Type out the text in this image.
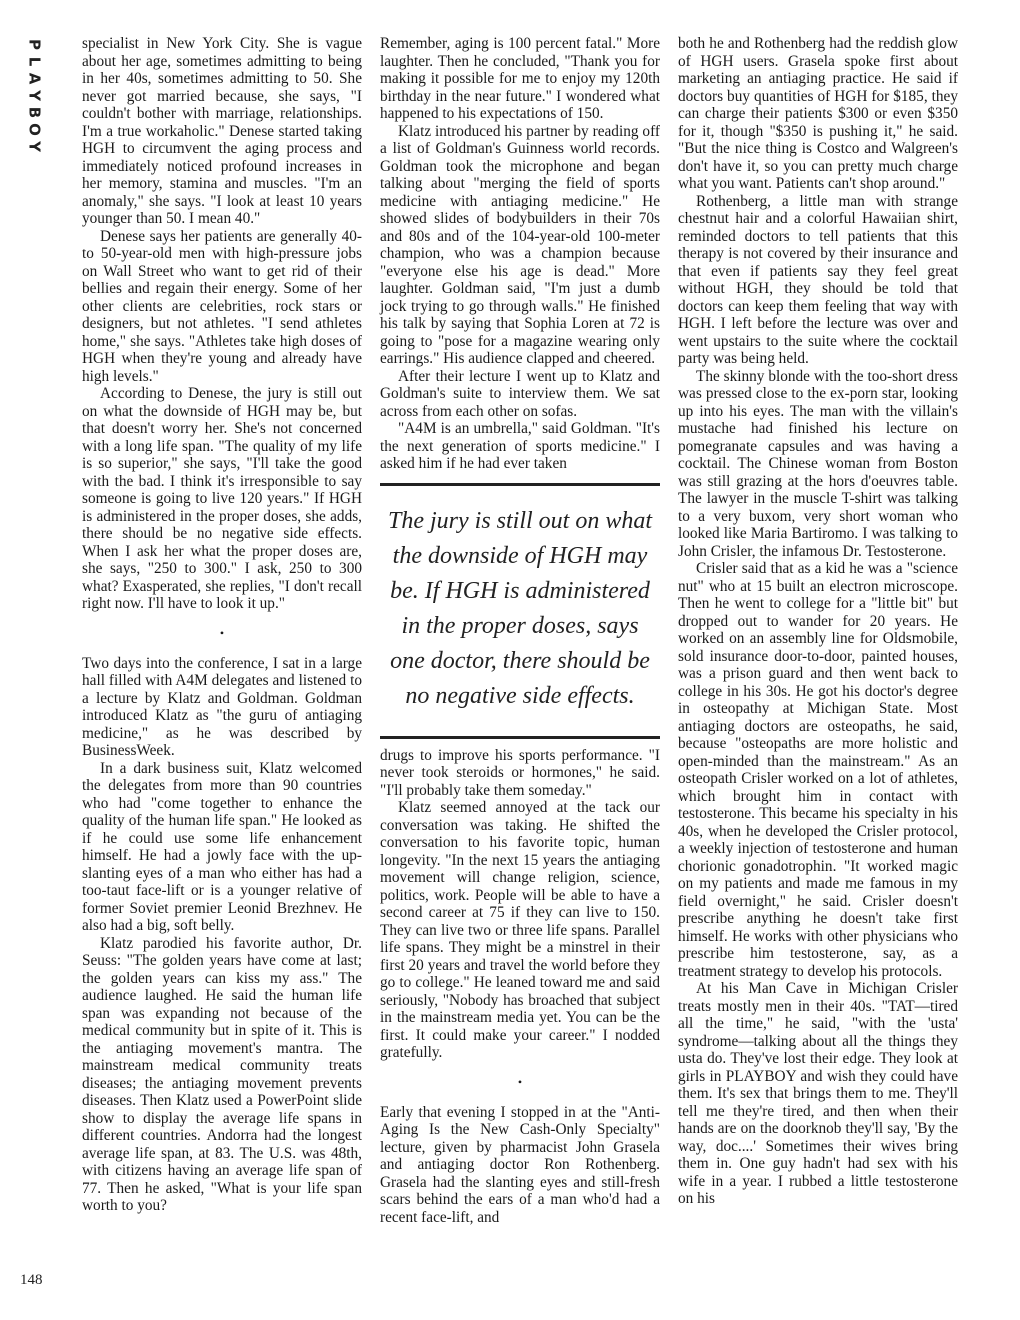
P
L
A
Y
B
O
Y
148

specialist in New York City. She is vague about her age, sometimes admitting to being in her 40s, sometimes admitting to 50. She never got married because, she says, "I couldn't bother with marriage, relationships. I'm a true workaholic." Denese started taking HGH to circumvent the aging process and immediately noticed profound increases in her memory, stamina and muscles. "I'm an anomaly," she says. "I look at least 10 years younger than 50. I mean 40."

Denese says her patients are generally 40- to 50-year-old men with high-pressure jobs on Wall Street who want to get rid of their bellies and regain their energy. Some of her other clients are celebrities, rock stars or designers, but not athletes. "I send athletes home," she says. "Athletes take high doses of HGH when they're young and already have high levels."

According to Denese, the jury is still out on what the downside of HGH may be, but that doesn't worry her. She's not concerned with a long life span. "The quality of my life is so superior," she says, "I'll take the good with the bad. I think it's irresponsible to say someone is going to live 120 years." If HGH is administered in the proper doses, she adds, there should be no negative side effects. When I ask her what the proper doses are, she says, "250 to 300." I ask, 250 to 300 what? Exasperated, she replies, "I don't recall right now. I'll have to look it up."

•

Two days into the conference, I sat in a large hall filled with A4M delegates and listened to a lecture by Klatz and Goldman. Goldman introduced Klatz as "the guru of antiaging medicine," as he was described by BusinessWeek.

In a dark business suit, Klatz welcomed the delegates from more than 90 countries who had "come together to enhance the quality of the human life span." He looked as if he could use some life enhancement himself. He had a jowly face with the up-slanting eyes of a man who either has had a too-taut face-lift or is a younger relative of former Soviet premier Leonid Brezhnev. He also had a big, soft belly.

Klatz parodied his favorite author, Dr. Seuss: "The golden years have come at last; the golden years can kiss my ass." The audience laughed. He said the human life span was expanding not because of the medical community but in spite of it. This is the antiaging movement's mantra. The mainstream medical community treats diseases; the antiaging movement prevents diseases. Then Klatz used a PowerPoint slide show to display the average life spans in different countries. Andorra had the longest average life span, at 83. The U.S. was 48th, with citizens having an average life span of 77. Then he asked, "What is your life span worth to you?

Remember, aging is 100 percent fatal." More laughter. Then he concluded, "Thank you for making it possible for me to enjoy my 120th birthday in the near future." I wondered what happened to his expectations of 150.

Klatz introduced his partner by reading off a list of Goldman's Guinness world records. Goldman took the microphone and began talking about "merging the field of sports medicine with antiaging medicine." He showed slides of bodybuilders in their 70s and 80s and of the 104-year-old 100-meter champion, who was a champion because "everyone else his age is dead." More laughter. Goldman said, "I'm just a dumb jock trying to go through walls." He finished his talk by saying that Sophia Loren at 72 is going to "pose for a magazine wearing only earrings." His audience clapped and cheered.

After their lecture I went up to Klatz and Goldman's suite to interview them. We sat across from each other on sofas.

"A4M is an umbrella," said Goldman. "It's the next generation of sports medicine." I asked him if he had ever taken

The jury is still out on what the downside of HGH may be. If HGH is administered in the proper doses, says one doctor, there should be no negative side effects.

drugs to improve his sports performance. "I never took steroids or hormones," he said. "I'll probably take them someday."

Klatz seemed annoyed at the tack our conversation was taking. He shifted the conversation to his favorite topic, human longevity. "In the next 15 years the antiaging movement will change religion, science, politics, work. People will be able to have a second career at 75 if they can live to 150. They can live two or three life spans. Parallel life spans. They might be a minstrel in their first 20 years and travel the world before they go to college." He leaned toward me and said seriously, "Nobody has broached that subject in the mainstream media yet. You can be the first. It could make your career." I nodded gratefully.

•

Early that evening I stopped in at the "Anti-Aging Is the New Cash-Only Specialty" lecture, given by pharmacist John Grasela and antiaging doctor Ron Rothenberg. Grasela had the slanting eyes and still-fresh scars behind the ears of a man who'd had a recent face-lift, and

both he and Rothenberg had the reddish glow of HGH users. Grasela spoke first about marketing an antiaging practice. He said if doctors buy quantities of HGH for $185, they can charge their patients $300 or even $350 for it, though "$350 is pushing it," he said. "But the nice thing is Costco and Walgreen's don't have it, so you can pretty much charge what you want. Patients can't shop around."

Rothenberg, a little man with strange chestnut hair and a colorful Hawaiian shirt, reminded doctors to tell patients that this therapy is not covered by their insurance and that even if patients say they feel great without HGH, they should be told that doctors can keep them feeling that way with HGH. I left before the lecture was over and went upstairs to the suite where the cocktail party was being held.

The skinny blonde with the too-short dress was pressed close to the ex-porn star, looking up into his eyes. The man with the villain's mustache had finished his lecture on pomegranate capsules and was having a cocktail. The Chinese woman from Boston was still grazing at the hors d'oeuvres table. The lawyer in the muscle T-shirt was talking to a very buxom, very short woman who looked like Maria Bartiromo. I was talking to John Crisler, the infamous Dr. Testosterone.

Crisler said that as a kid he was a "science nut" who at 15 built an electron microscope. Then he went to college for a "little bit" but dropped out to wander for 20 years. He worked on an assembly line for Oldsmobile, sold insurance door-to-door, painted houses, was a prison guard and then went back to college in his 30s. He got his doctor's degree in osteopathy at Michigan State. Most antiaging doctors are osteopaths, he said, because "osteopaths are more holistic and open-minded than the mainstream." As an osteopath Crisler worked on a lot of athletes, which brought him in contact with testosterone. This became his specialty in his 40s, when he developed the Crisler protocol, a weekly injection of testosterone and human chorionic gonadotrophin. "It worked magic on my patients and made me famous in my field overnight," he said. Crisler doesn't prescribe anything he doesn't take first himself. He works with other physicians who prescribe him testosterone, say, as a treatment strategy to develop his protocols.

At his Man Cave in Michigan Crisler treats mostly men in their 40s. "TAT—tired all the time," he said, "with the 'usta' syndrome—talking about all the things they usta do. They've lost their edge. They look at girls in PLAYBOY and wish they could have them. It's sex that brings them to me. They'll tell me they're tired, and then when their hands are on the doorknob they'll say, 'By the way, doc....' Sometimes their wives bring them in. One guy hadn't had sex with his wife in a year. I rubbed a little testosterone on his
